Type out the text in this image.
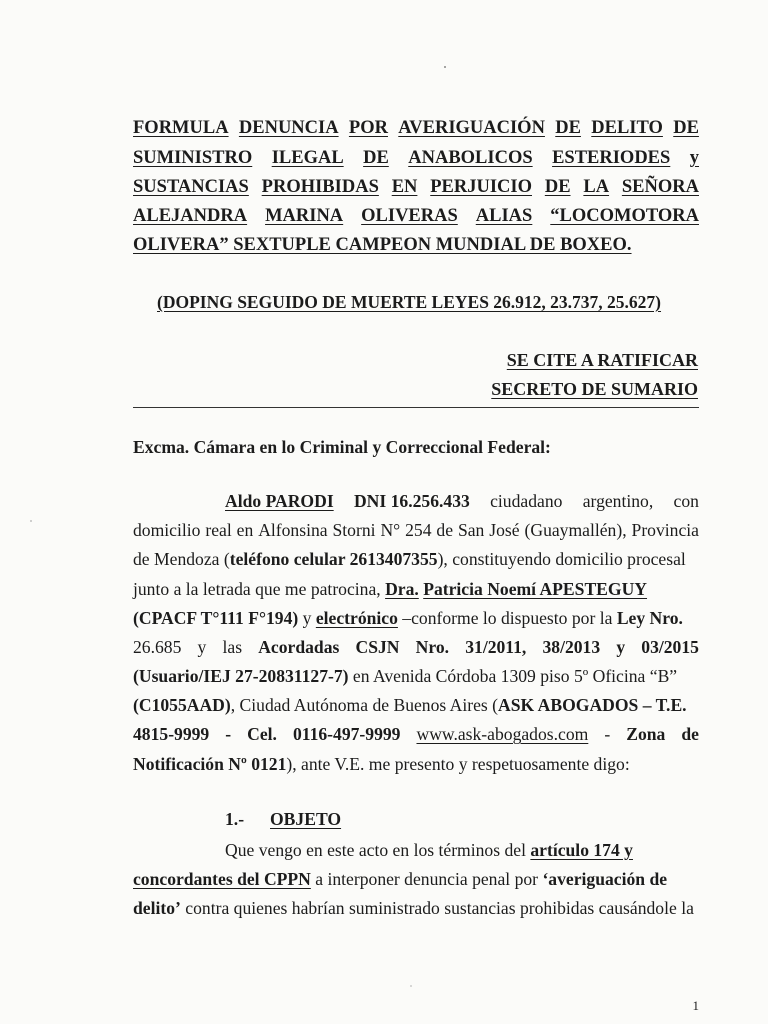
FORMULA DENUNCIA POR AVERIGUACIÓN DE DELITO DE
SUMINISTRO ILEGAL DE ANABOLICOS ESTERIODES y
SUSTANCIAS PROHIBIDAS EN PERJUICIO DE LA SEÑORA
ALEJANDRA MARINA OLIVERAS ALIAS “LOCOMOTORA
OLIVERA” SEXTUPLE CAMPEON MUNDIAL DE BOXEO.
(DOPING SEGUIDO DE MUERTE LEYES 26.912, 23.737, 25.627)
SE CITE A RATIFICAR
SECRETO DE SUMARIO
Excma. Cámara en lo Criminal y Correccional Federal:
Aldo PARODI DNI 16.256.433 ciudadano argentino, con
domicilio real en Alfonsina Storni N° 254 de San José (Guaymallén), Provincia
de Mendoza ( teléfono celular 2613407355 ), constituyendo domicilio procesal
junto a la letrada que me patrocina, Dra.
Patricia Noemí APESTEGUY
(CPACF T°111 F°194) y electrónico –conforme lo dispuesto por la Ley Nro.
26.685 y las Acordadas CSJN Nro. 31/2011, 38/2013 y 03/2015
(Usuario/IEJ 27-20831127-7) en Avenida Córdoba 1309 piso 5º Oficina “B”
(C1055AAD) , Ciudad Autónoma de Buenos Aires ( ASK ABOGADOS – T.E.
4815-9999 - Cel. 0116-497-9999 www.ask-abogados.com - Zona de
Notificación Nº 0121 ), ante V.E. me presento y respetuosamente digo:
1.- OBJETO
Que vengo en este acto en los términos del artículo 174 y
concordantes del CPPN a interponer denuncia penal por ‘averiguación de
delito’ contra quienes habrían suministrado sustancias prohibidas causándole la
1
